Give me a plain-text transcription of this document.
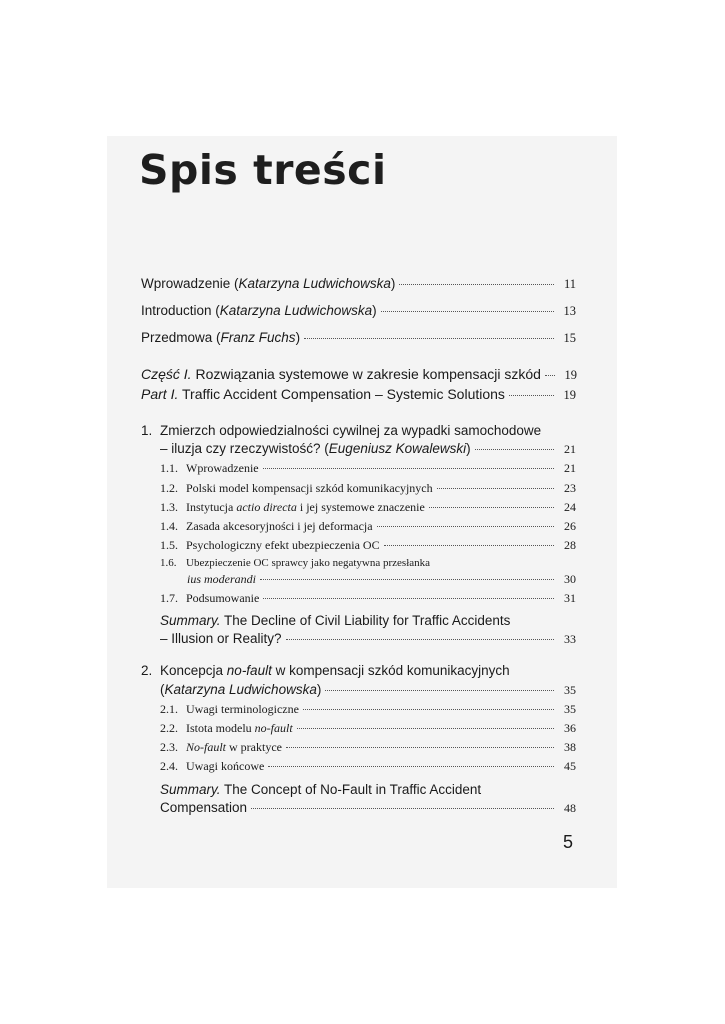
Spis treści
Wprowadzenie (Katarzyna Ludwichowska)	11
Introduction (Katarzyna Ludwichowska)	13
Przedmowa (Franz Fuchs)	15
Część I. Rozwiązania systemowe w zakresie kompensacji szkód	19
Part I. Traffic Accident Compensation – Systemic Solutions	19
1. Zmierzch odpowiedzialności cywilnej za wypadki samochodowe
– iluzja czy rzeczywistość? (Eugeniusz Kowalewski)	21
1.1. Wprowadzenie	21
1.2. Polski model kompensacji szkód komunikacyjnych	23
1.3. Instytucja actio directa i jej systemowe znaczenie	24
1.4. Zasada akcesoryjności i jej deformacja	26
1.5. Psychologiczny efekt ubezpieczenia OC	28
1.6. Ubezpieczenie OC sprawcy jako negatywna przesłanka
ius moderandi	30
1.7. Podsumowanie	31
Summary. The Decline of Civil Liability for Traffic Accidents
– Illusion or Reality?	33
2. Koncepcja no-fault w kompensacji szkód komunikacyjnych
(Katarzyna Ludwichowska)	35
2.1. Uwagi terminologiczne	35
2.2. Istota modelu no-fault	36
2.3. No-fault w praktyce	38
2.4. Uwagi końcowe	45
Summary. The Concept of No-Fault in Traffic Accident
Compensation	48
5
